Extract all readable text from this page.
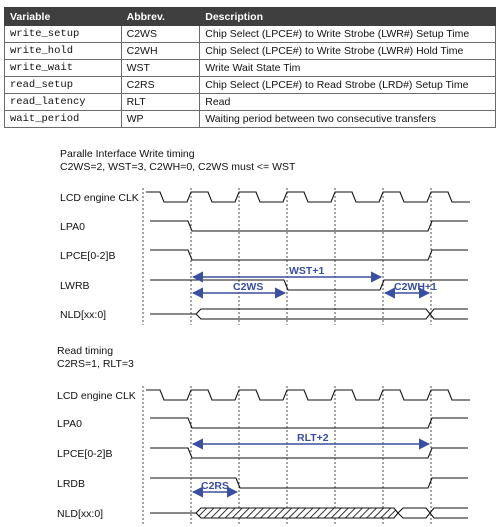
Variable	Abbrev.	Description
write_setup	C2WS	Chip Select (LPCE#) to Write Strobe (LWR#) Setup Time
write_hold	C2WH	Chip Select (LPCE#) to Write Strobe (LWR#) Hold Time
write_wait	WST	Write Wait State Tim
read_setup	C2RS	Chip Select (LPCE#) to Read Strobe (LRD#) Setup Time
read_latency	RLT	Read
wait_period	WP	Waiting period between two consecutive transfers
Paralle Interface Write timing
C2WS=2, WST=3, C2WH=0, C2WS must <= WST
LCD engine CLK
LPA0
LPCE[0-2]B
LWRB
NLD[xx:0]
Read timing
C2RS=1, RLT=3
LCD engine CLK
LPA0
LPCE[0-2]B
LRDB
NLD[xx:0]
WST+1
C2WS	C2WH+1
RLT+2
C2RS
